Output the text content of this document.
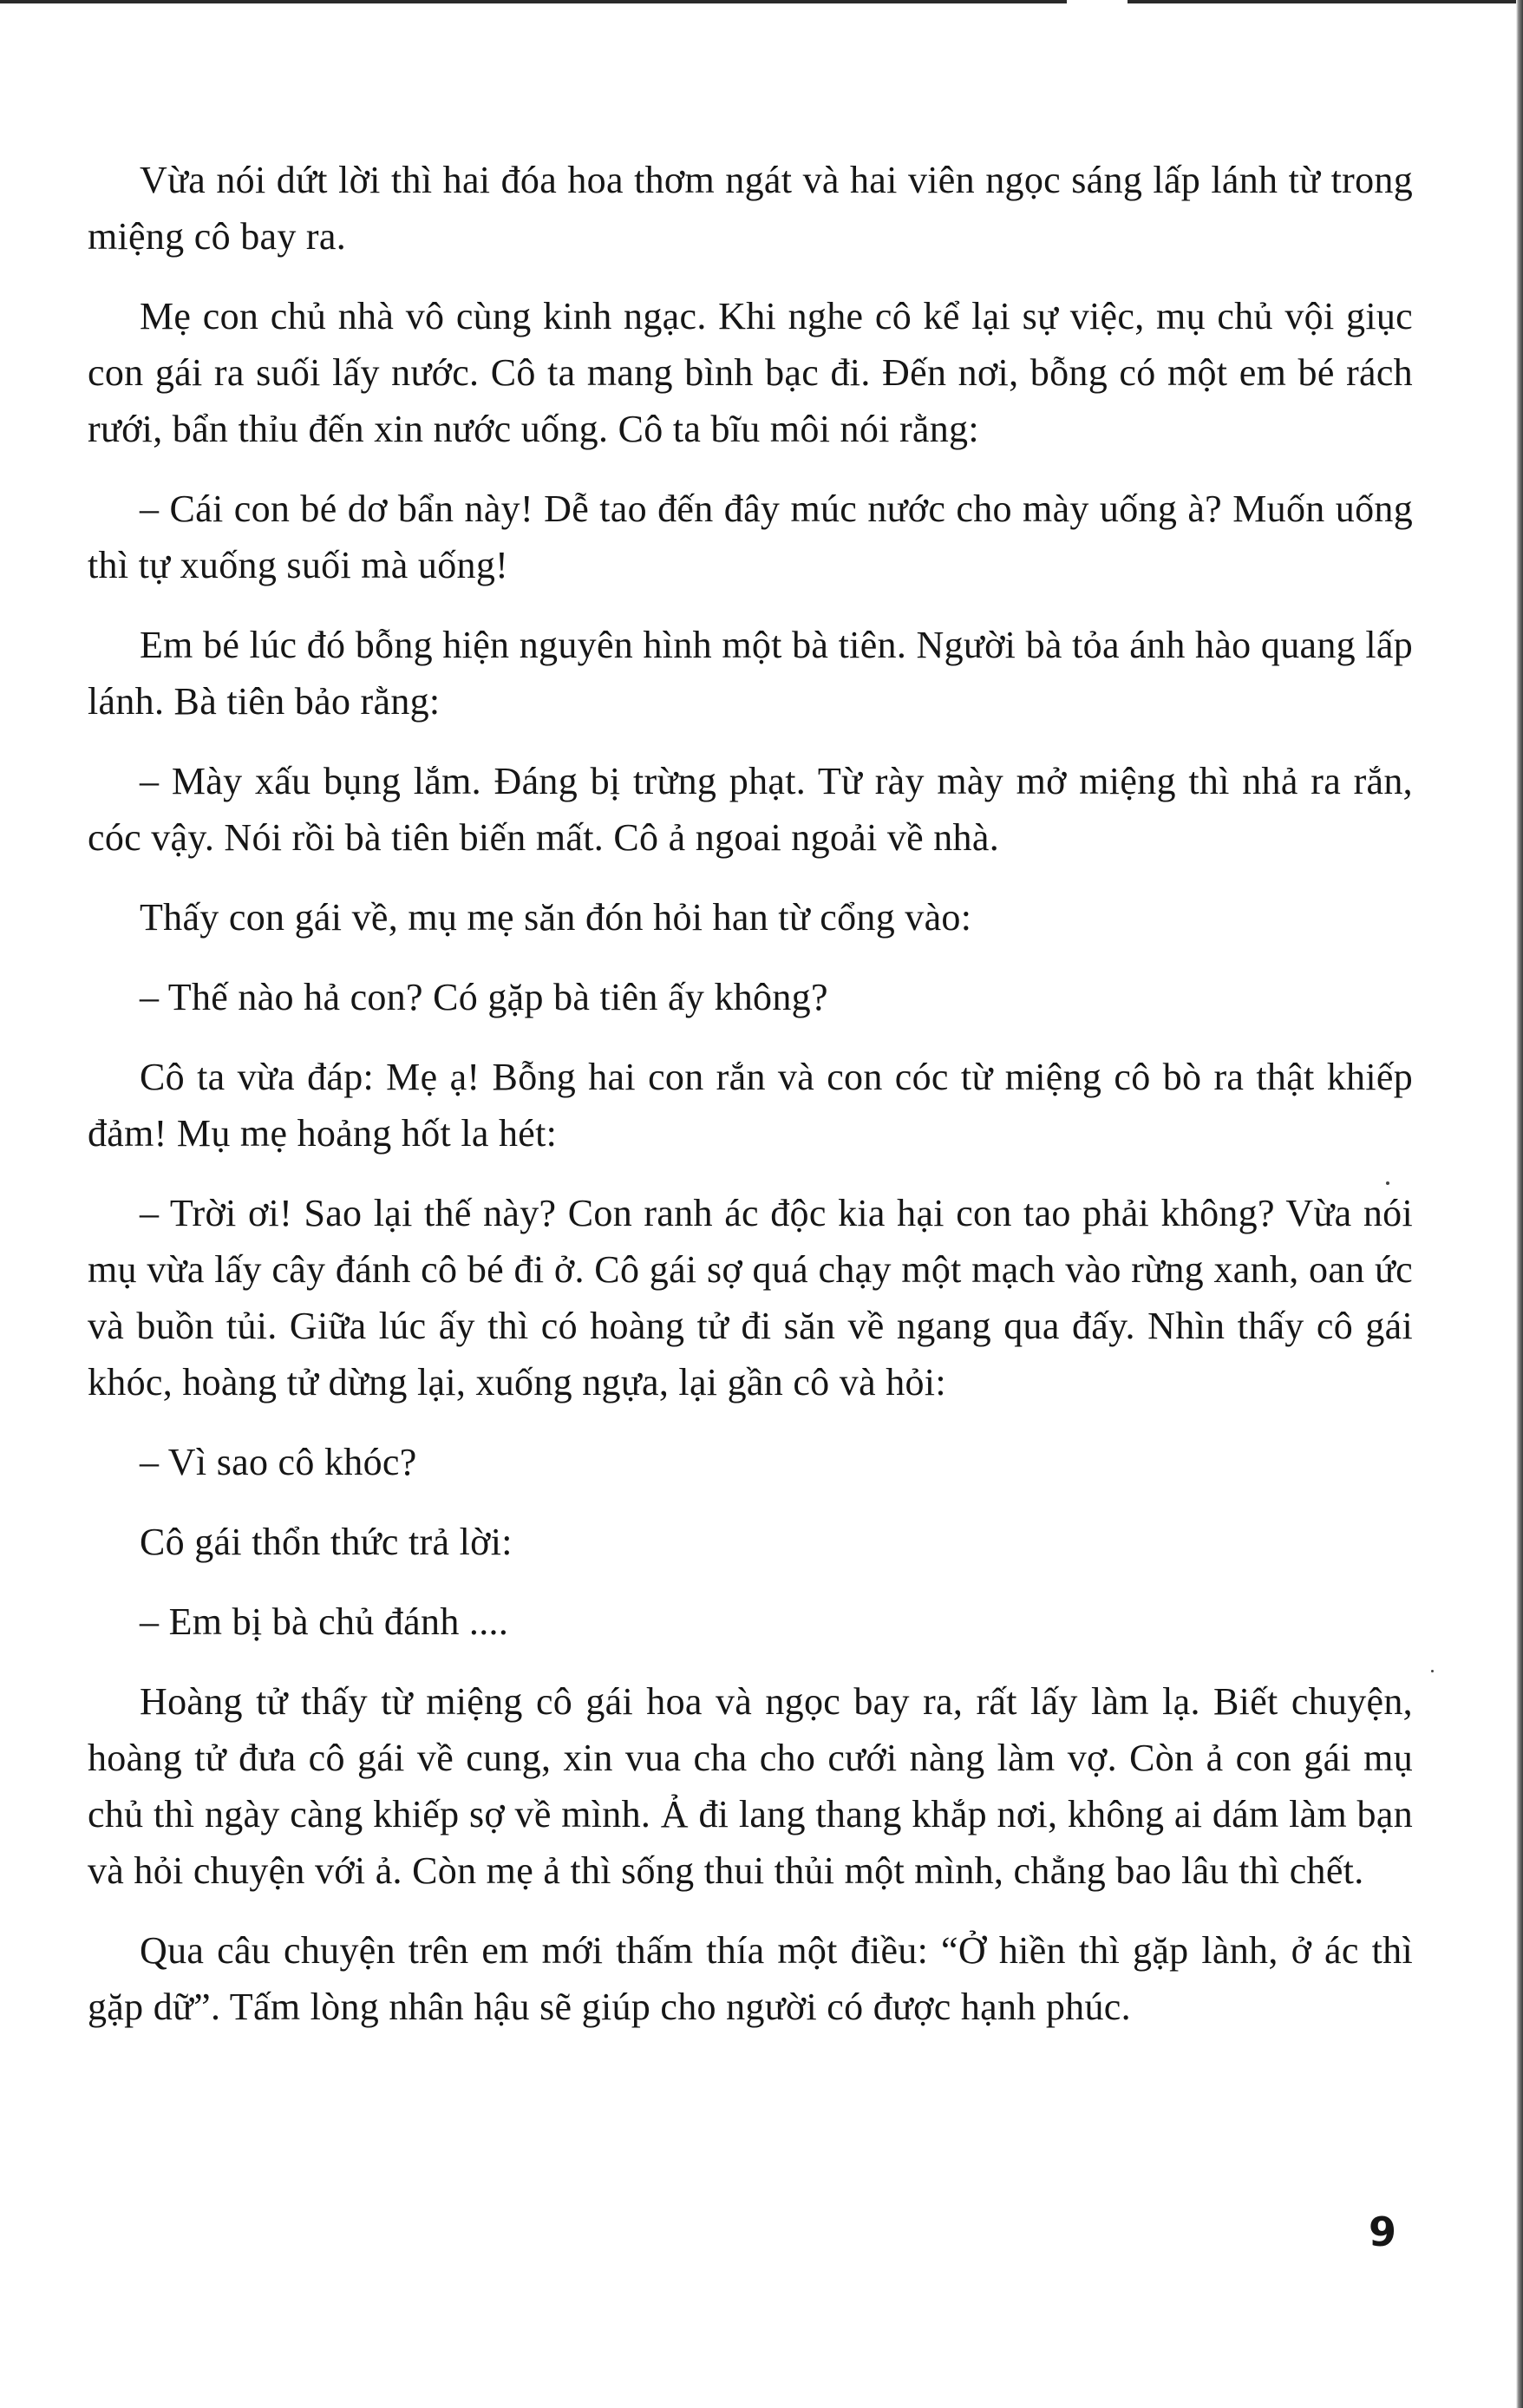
Vừa nói dứt lời thì hai đóa hoa thơm ngát và hai viên ngọc sáng lấp lánh từ trong miệng cô bay ra.

Mẹ con chủ nhà vô cùng kinh ngạc. Khi nghe cô kể lại sự việc, mụ chủ vội giục con gái ra suối lấy nước. Cô ta mang bình bạc đi. Đến nơi, bỗng có một em bé rách rưới, bẩn thỉu đến xin nước uống. Cô ta bĩu môi nói rằng:

– Cái con bé dơ bẩn này! Dễ tao đến đây múc nước cho mày uống à? Muốn uống thì tự xuống suối mà uống!

Em bé lúc đó bỗng hiện nguyên hình một bà tiên. Người bà tỏa ánh hào quang lấp lánh. Bà tiên bảo rằng:

– Mày xấu bụng lắm. Đáng bị trừng phạt. Từ rày mày mở miệng thì nhả ra rắn, cóc vậy. Nói rồi bà tiên biến mất. Cô ả ngoai ngoải về nhà.

Thấy con gái về, mụ mẹ săn đón hỏi han từ cổng vào:

– Thế nào hả con? Có gặp bà tiên ấy không?

Cô ta vừa đáp: Mẹ ạ! Bỗng hai con rắn và con cóc từ miệng cô bò ra thật khiếp đảm! Mụ mẹ hoảng hốt la hét:

– Trời ơi! Sao lại thế này? Con ranh ác độc kia hại con tao phải không? Vừa nói mụ vừa lấy cây đánh cô bé đi ở. Cô gái sợ quá chạy một mạch vào rừng xanh, oan ức và buồn tủi. Giữa lúc ấy thì có hoàng tử đi săn về ngang qua đấy. Nhìn thấy cô gái khóc, hoàng tử dừng lại, xuống ngựa, lại gần cô và hỏi:

– Vì sao cô khóc?

Cô gái thổn thức trả lời:

– Em bị bà chủ đánh ....

Hoàng tử thấy từ miệng cô gái hoa và ngọc bay ra, rất lấy làm lạ. Biết chuyện, hoàng tử đưa cô gái về cung, xin vua cha cho cưới nàng làm vợ. Còn ả con gái mụ chủ thì ngày càng khiếp sợ về mình. Ả đi lang thang khắp nơi, không ai dám làm bạn và hỏi chuyện với ả. Còn mẹ ả thì sống thui thủi một mình, chẳng bao lâu thì chết.

Qua câu chuyện trên em mới thấm thía một điều: “Ở hiền thì gặp lành, ở ác thì gặp dữ”. Tấm lòng nhân hậu sẽ giúp cho người có được hạnh phúc.

9
